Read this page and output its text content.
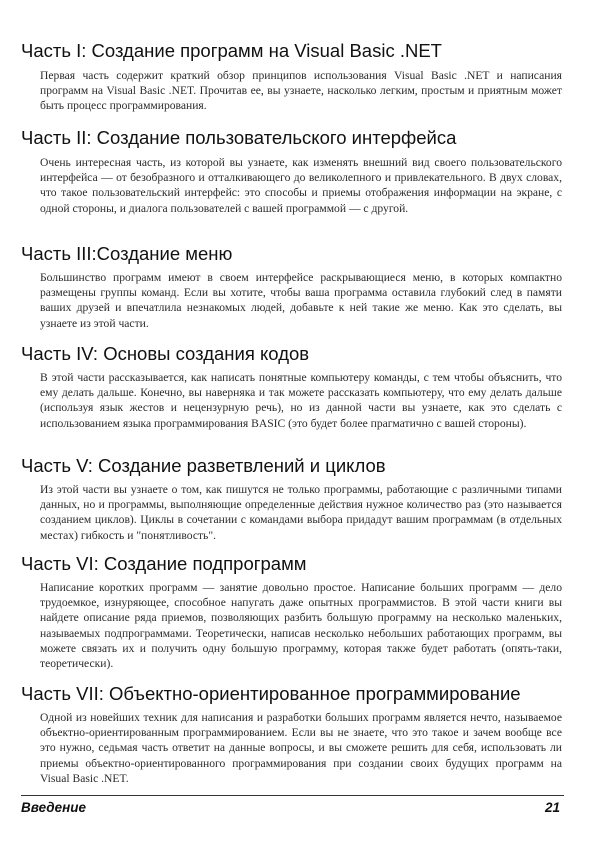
Часть I: Создание программ на Visual Basic .NET

Первая часть содержит краткий обзор принципов использования Visual Basic .NET и написания программ на Visual Basic .NET. Прочитав ее, вы узнаете, насколько легким, простым и приятным может быть процесс программирования.

Часть II: Создание пользовательского интерфейса

Очень интересная часть, из которой вы узнаете, как изменять внешний вид своего пользовательского интерфейса — от безобразного и отталкивающего до великолепного и привлекательного. В двух словах, что такое пользовательский интерфейс: это способы и приемы отображения информации на экране, с одной стороны, и диалога пользователей с вашей программой — с другой.

Часть III:Создание меню

Большинство программ имеют в своем интерфейсе раскрывающиеся меню, в которых компактно размещены группы команд. Если вы хотите, чтобы ваша программа оставила глубокий след в памяти ваших друзей и впечатлила незнакомых людей, добавьте к ней такие же меню. Как это сделать, вы узнаете из этой части.

Часть IV: Основы создания кодов

В этой части рассказывается, как написать понятные компьютеру команды, с тем чтобы объяснить, что ему делать дальше. Конечно, вы наверняка и так можете рассказать компьютеру, что ему делать дальше (используя язык жестов и нецензурную речь), но из данной части вы узнаете, как это сделать с использованием языка программирования BASIC (это будет более прагматично с вашей стороны).

Часть V: Создание разветвлений и циклов

Из этой части вы узнаете о том, как пишутся не только программы, работающие с различными типами данных, но и программы, выполняющие определенные действия нужное количество раз (это называется созданием циклов). Циклы в сочетании с командами выбора придадут вашим программам (в отдельных местах) гибкость и "понятливость".

Часть VI: Создание подпрограмм

Написание коротких программ — занятие довольно простое. Написание больших программ — дело трудоемкое, изнуряющее, способное напугать даже опытных программистов. В этой части книги вы найдете описание ряда приемов, позволяющих разбить большую программу на несколько маленьких, называемых подпрограммами. Теоретически, написав несколько небольших работающих программ, вы можете связать их и получить одну большую программу, которая также будет работать (опять-таки, теоретически).

Часть VII: Объектно-ориентированное программирование

Одной из новейших техник для написания и разработки больших программ является нечто, называемое объектно-ориентированным программированием. Если вы не знаете, что это такое и зачем вообще все это нужно, седьмая часть ответит на данные вопросы, и вы сможете решить для себя, использовать ли приемы объектно-ориентированного программирования при создании своих будущих программ на Visual Basic .NET.

Введение	21
